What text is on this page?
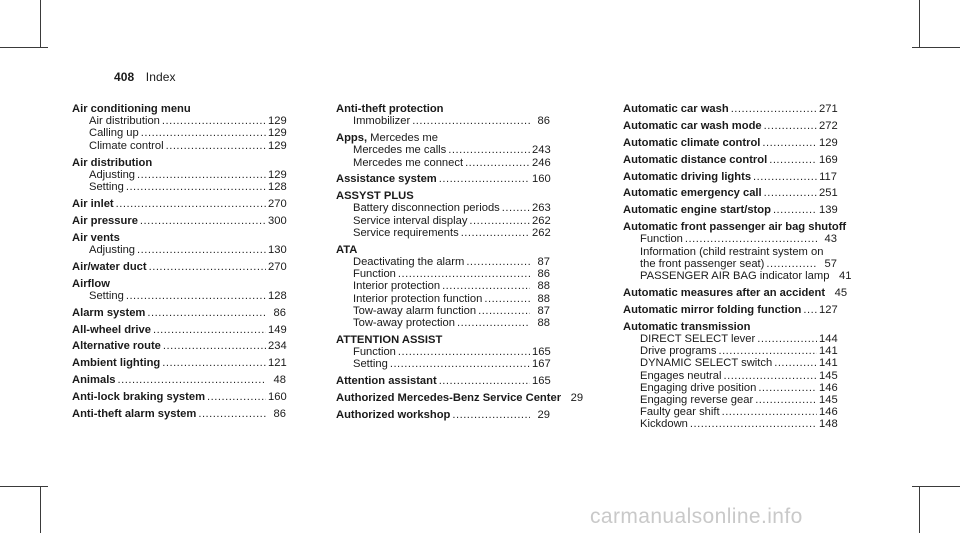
408 Index
Air conditioning menu
Air distribution .....	129
Calling up .....	129
Climate control .....	129
Air distribution
Adjusting .....	129
Setting .....	128
Air inlet .....	270
Air pressure .....	300
Air vents
Adjusting .....	130
Air/water duct .....	270
Airflow
Setting .....	128
Alarm system .....	86
All-wheel drive .....	149
Alternative route .....	234
Ambient lighting .....	121
Animals .....	48
Anti-lock braking system .....	160
Anti-theft alarm system .....	86
Anti-theft protection
Immobilizer .....	86
Apps, Mercedes me
Mercedes me calls .....	243
Mercedes me connect .....	246
Assistance system .....	160
ASSYST PLUS
Battery disconnection periods .....	263
Service interval display .....	262
Service requirements .....	262
ATA
Deactivating the alarm .....	87
Function .....	86
Interior protection .....	88
Interior protection function .....	88
Tow-away alarm function .....	87
Tow-away protection .....	88
ATTENTION ASSIST
Function .....	165
Setting .....	167
Attention assistant .....	165
Authorized Mercedes-Benz Service Center 29
Authorized workshop .....	29
Automatic car wash .....	271
Automatic car wash mode .....	272
Automatic climate control .....	129
Automatic distance control .....	169
Automatic driving lights .....	117
Automatic emergency call .....	251
Automatic engine start/stop .....	139
Automatic front passenger air bag shutoff
Function .....	43
Information (child restraint system on
the front passenger seat) .....	57
PASSENGER AIR BAG indicator lamp 41
Automatic measures after an accident 45
Automatic mirror folding function ..... 127
Automatic transmission
DIRECT SELECT lever .....	144
Drive programs .....	141
DYNAMIC SELECT switch .....	141
Engages neutral .....	145
Engaging drive position .....	146
Engaging reverse gear .....	145
Faulty gear shift .....	146
Kickdown .....	148
carmanualsonline.info
